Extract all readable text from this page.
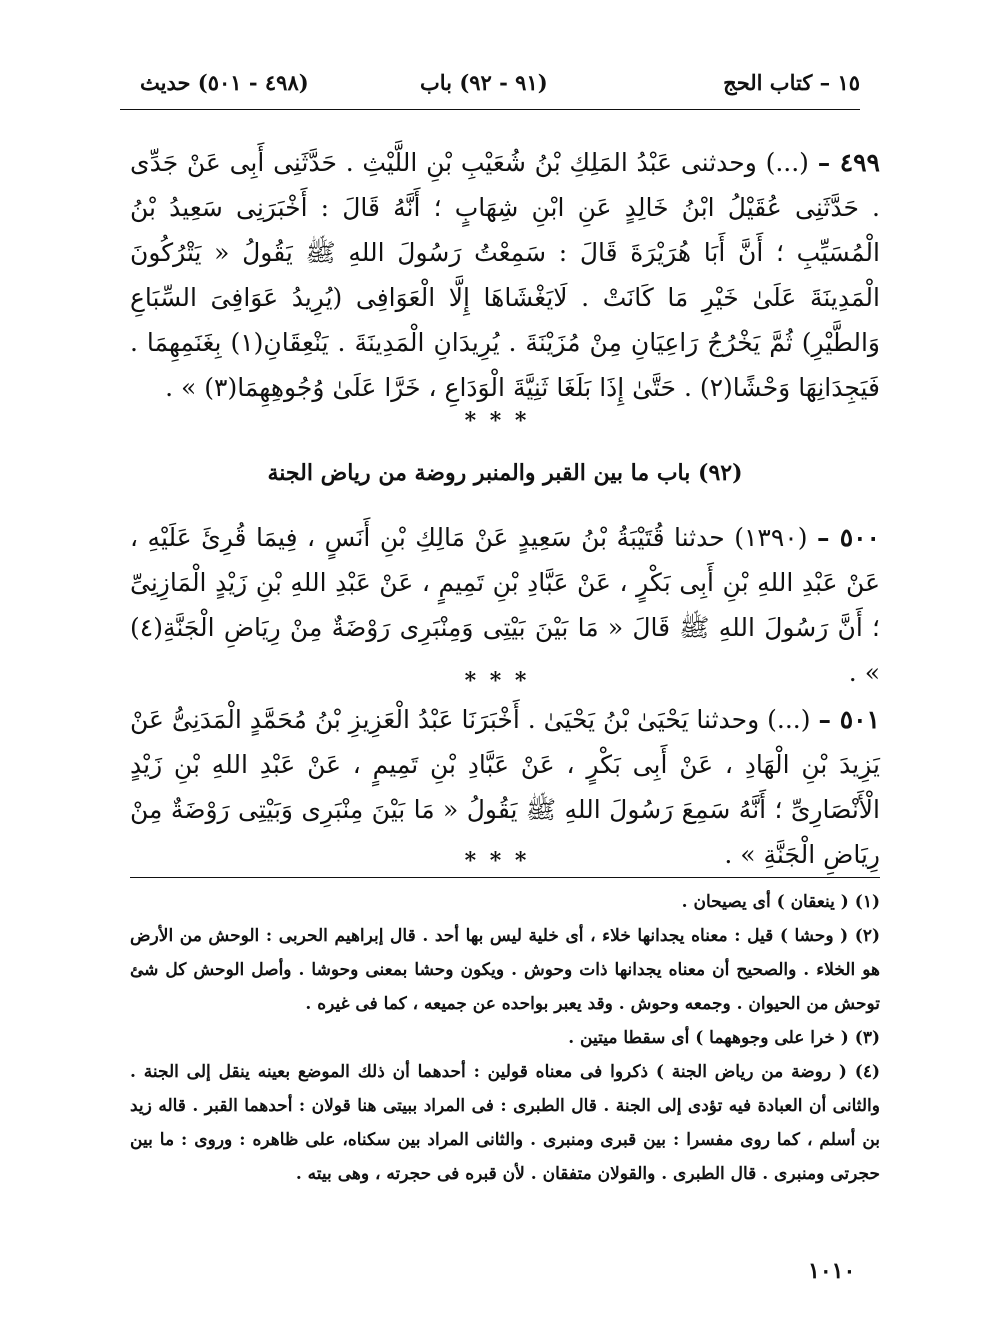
١٥ – كتاب الحج
(٩١ - ٩٢) باب
(٤٩٨ - ٥٠١) حديث
٤٩٩ – (...) وحدثنى عَبْدُ المَلِكِ بْنُ شُعَيْبِ بْنِ اللَّيْثِ . حَدَّثَنِى أَبِى عَنْ جَدِّى . حَدَّثَنِى عُقَيْلُ ابْنُ خَالِدٍ عَنِ ابْنِ شِهَابٍ ؛ أَنَّهُ قَالَ : أَخْبَرَنِى سَعِيدُ بْنُ الْمُسَيِّبِ ؛ أَنَّ أَبَا هُرَيْرَةَ قَالَ : سَمِعْتُ رَسُولَ اللهِ ﷺ يَقُولُ « يَتْرُكُونَ الْمَدِينَةَ عَلَىٰ خَيْرِ مَا كَانَتْ . لَايَغْشَاهَا إِلَّا الْعَوَافِى (يُرِيدُ عَوَافِىَ السِّبَاعِ وَالطَّيْرِ) ثُمَّ يَخْرُجُ رَاعِيَانِ مِنْ مُزَيْنَةَ . يُرِيدَانِ الْمَدِينَةَ . يَنْعِقَانِ(١) بِغَنَمِهِمَا . فَيَجِدَانِهَا وَحْشًا(٢) . حَتَّىٰ إِذَا بَلَغَا ثَنِيَّةَ الْوَدَاعِ ، خَرَّا عَلَىٰ وُجُوهِهِمَا(٣) » .
* * *
(٩٢) باب ما بين القبر والمنبر روضة من رياض الجنة
٥٠٠ – (١٣٩٠) حدثنا قُتَيْبَةُ بْنُ سَعِيدٍ عَنْ مَالِكِ بْنِ أَنَسٍ ، فِيمَا قُرِئَ عَلَيْهِ ، عَنْ عَبْدِ اللهِ بْنِ أَبِى بَكْرٍ ، عَنْ عَبَّادِ بْنِ تَمِيمٍ ، عَنْ عَبْدِ اللهِ بْنِ زَيْدٍ الْمَازِنِىِّ ؛ أَنَّ رَسُولَ اللهِ ﷺ قَالَ « مَا بَيْنَ بَيْتِى وَمِنْبَرِى رَوْضَةٌ مِنْ رِيَاضِ الْجَنَّةِ(٤) » .
* * *
٥٠١ – (...) وحدثنا يَحْيَىٰ بْنُ يَحْيَىٰ . أَخْبَرَنَا عَبْدُ الْعَزِيزِ بْنُ مُحَمَّدٍ الْمَدَنِىُّ عَنْ يَزِيدَ بْنِ الْهَادِ ، عَنْ أَبِى بَكْرٍ ، عَنْ عَبَّادِ بْنِ تَمِيمٍ ، عَنْ عَبْدِ اللهِ بْنِ زَيْدٍ الْأَنْصَارِىِّ ؛ أَنَّهُ سَمِعَ رَسُولَ اللهِ ﷺ يَقُولُ « مَا بَيْنَ مِنْبَرِى وَبَيْتِى رَوْضَةٌ مِنْ رِيَاضِ الْجَنَّةِ » .
* * *

(١) ( ينعقان ) أى يصيحان .

(٢) ( وحشا ) قيل : معناه يجدانها خلاء ، أى خلية ليس بها أحد . قال إبراهيم الحربى : الوحش من الأرض هو الخلاء . والصحيح أن معناه يجدانها ذات وحوش . ويكون وحشا بمعنى وحوشا . وأصل الوحش كل شئ توحش من الحيوان . وجمعه وحوش . وقد يعبر بواحده عن جميعه ، كما فى غيره .

(٣) ( خرا على وجوههما ) أى سقطا ميتين .

(٤) ( روضة من رياض الجنة ) ذكروا فى معناه قولين : أحدهما أن ذلك الموضع بعينه ينقل إلى الجنة . والثانى أن العبادة فيه تؤدى إلى الجنة . قال الطبرى : فى المراد ببيتى هنا قولان : أحدهما القبر . قاله زيد بن أسلم ، كما روى مفسرا : بين قبرى ومنبرى . والثانى المراد بين سكناه، على ظاهره : وروى : ما بين حجرتى ومنبرى . قال الطبرى . والقولان متفقان . لأن قبره فى حجرته ، وهى بيته .

١٠١٠
